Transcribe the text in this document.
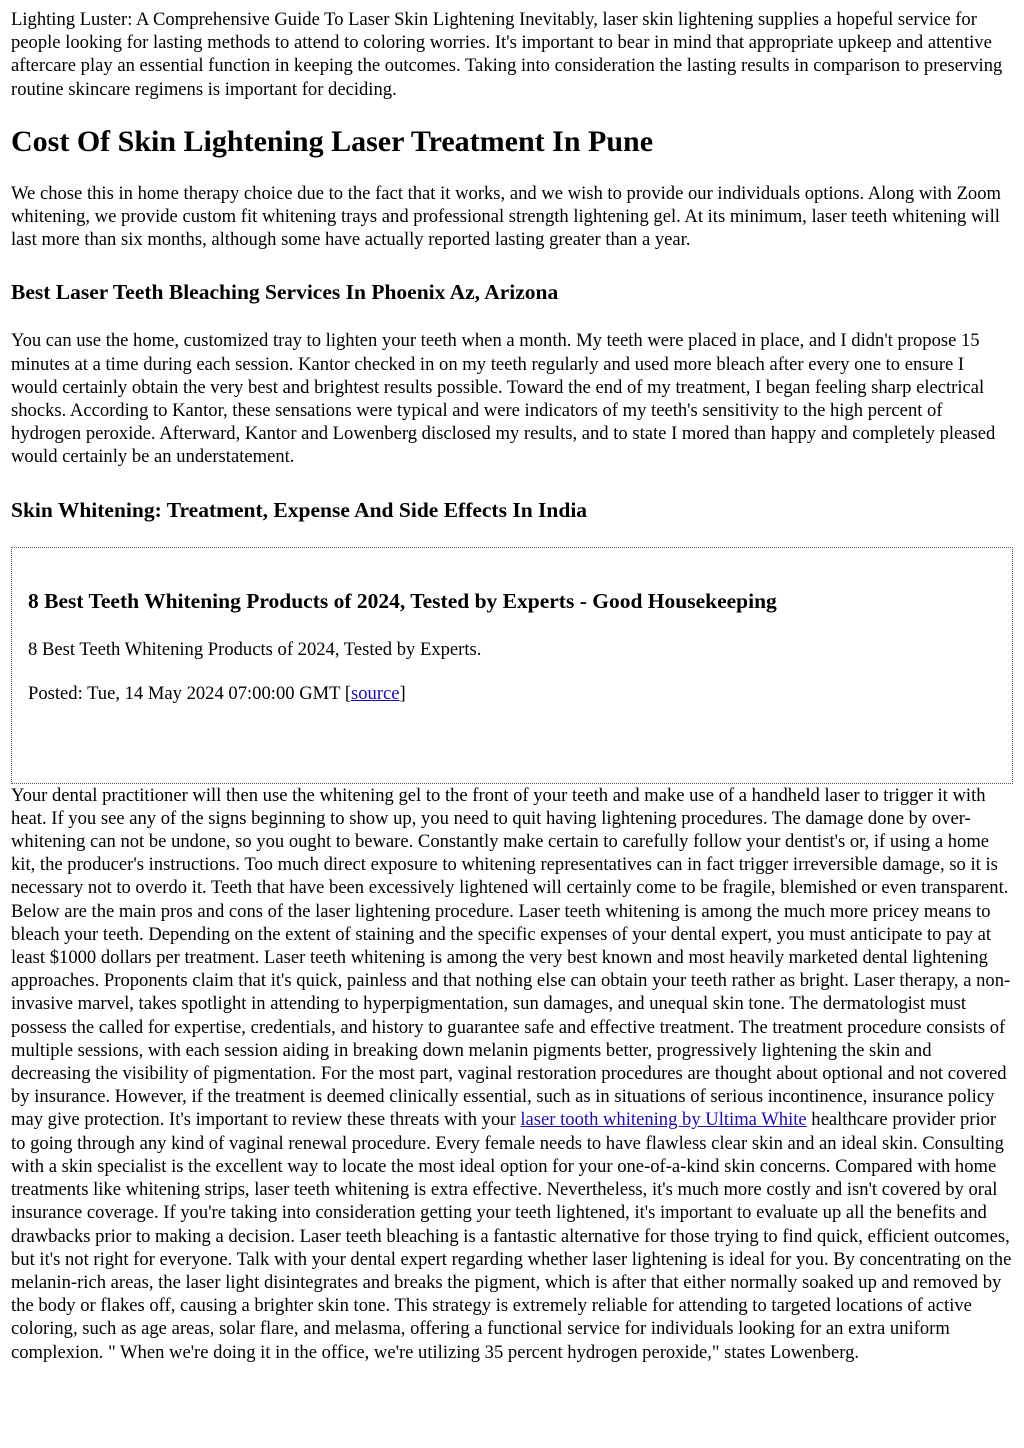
Lighting Luster: A Comprehensive Guide To Laser Skin Lightening Inevitably, laser skin lightening supplies a hopeful service for people looking for lasting methods to attend to coloring worries. It's important to bear in mind that appropriate upkeep and attentive aftercare play an essential function in keeping the outcomes. Taking into consideration the lasting results in comparison to preserving routine skincare regimens is important for deciding.

Cost Of Skin Lightening Laser Treatment In Pune

We chose this in home therapy choice due to the fact that it works, and we wish to provide our individuals options. Along with Zoom whitening, we provide custom fit whitening trays and professional strength lightening gel. At its minimum, laser teeth whitening will last more than six months, although some have actually reported lasting greater than a year.

Best Laser Teeth Bleaching Services In Phoenix Az, Arizona

You can use the home, customized tray to lighten your teeth when a month. My teeth were placed in place, and I didn't propose 15 minutes at a time during each session. Kantor checked in on my teeth regularly and used more bleach after every one to ensure I would certainly obtain the very best and brightest results possible. Toward the end of my treatment, I began feeling sharp electrical shocks. According to Kantor, these sensations were typical and were indicators of my teeth's sensitivity to the high percent of hydrogen peroxide. Afterward, Kantor and Lowenberg disclosed my results, and to state I mored than happy and completely pleased would certainly be an understatement.

Skin Whitening: Treatment, Expense And Side Effects In India
8 Best Teeth Whitening Products of 2024, Tested by Experts - Good Housekeeping

8 Best Teeth Whitening Products of 2024, Tested by Experts.

Posted: Tue, 14 May 2024 07:00:00 GMT [source]

Your dental practitioner will then use the whitening gel to the front of your teeth and make use of a handheld laser to trigger it with heat. If you see any of the signs beginning to show up, you need to quit having lightening procedures. The damage done by over-whitening can not be undone, so you ought to beware. Constantly make certain to carefully follow your dentist's or, if using a home kit, the producer's instructions. Too much direct exposure to whitening representatives can in fact trigger irreversible damage, so it is necessary not to overdo it. Teeth that have been excessively lightened will certainly come to be fragile, blemished or even transparent. Below are the main pros and cons of the laser lightening procedure. Laser teeth whitening is among the much more pricey means to bleach your teeth. Depending on the extent of staining and the specific expenses of your dental expert, you must anticipate to pay at least $1000 dollars per treatment. Laser teeth whitening is among the very best known and most heavily marketed dental lightening approaches. Proponents claim that it's quick, painless and that nothing else can obtain your teeth rather as bright. Laser therapy, a non-invasive marvel, takes spotlight in attending to hyperpigmentation, sun damages, and unequal skin tone. The dermatologist must possess the called for expertise, credentials, and history to guarantee safe and effective treatment. The treatment procedure consists of multiple sessions, with each session aiding in breaking down melanin pigments better, progressively lightening the skin and decreasing the visibility of pigmentation. For the most part, vaginal restoration procedures are thought about optional and not covered by insurance. However, if the treatment is deemed clinically essential, such as in situations of serious incontinence, insurance policy may give protection. It's important to review these threats with your laser tooth whitening by Ultima White healthcare provider prior to going through any kind of vaginal renewal procedure. Every female needs to have flawless clear skin and an ideal skin. Consulting with a skin specialist is the excellent way to locate the most ideal option for your one-of-a-kind skin concerns. Compared with home treatments like whitening strips, laser teeth whitening is extra effective. Nevertheless, it's much more costly and isn't covered by oral insurance coverage. If you're taking into consideration getting your teeth lightened, it's important to evaluate up all the benefits and drawbacks prior to making a decision. Laser teeth bleaching is a fantastic alternative for those trying to find quick, efficient outcomes, but it's not right for everyone. Talk with your dental expert regarding whether laser lightening is ideal for you. By concentrating on the melanin-rich areas, the laser light disintegrates and breaks the pigment, which is after that either normally soaked up and removed by the body or flakes off, causing a brighter skin tone. This strategy is extremely reliable for attending to targeted locations of active coloring, such as age areas, solar flare, and melasma, offering a functional service for individuals looking for an extra uniform complexion. " When we're doing it in the office, we're utilizing 35 percent hydrogen peroxide," states Lowenberg.
